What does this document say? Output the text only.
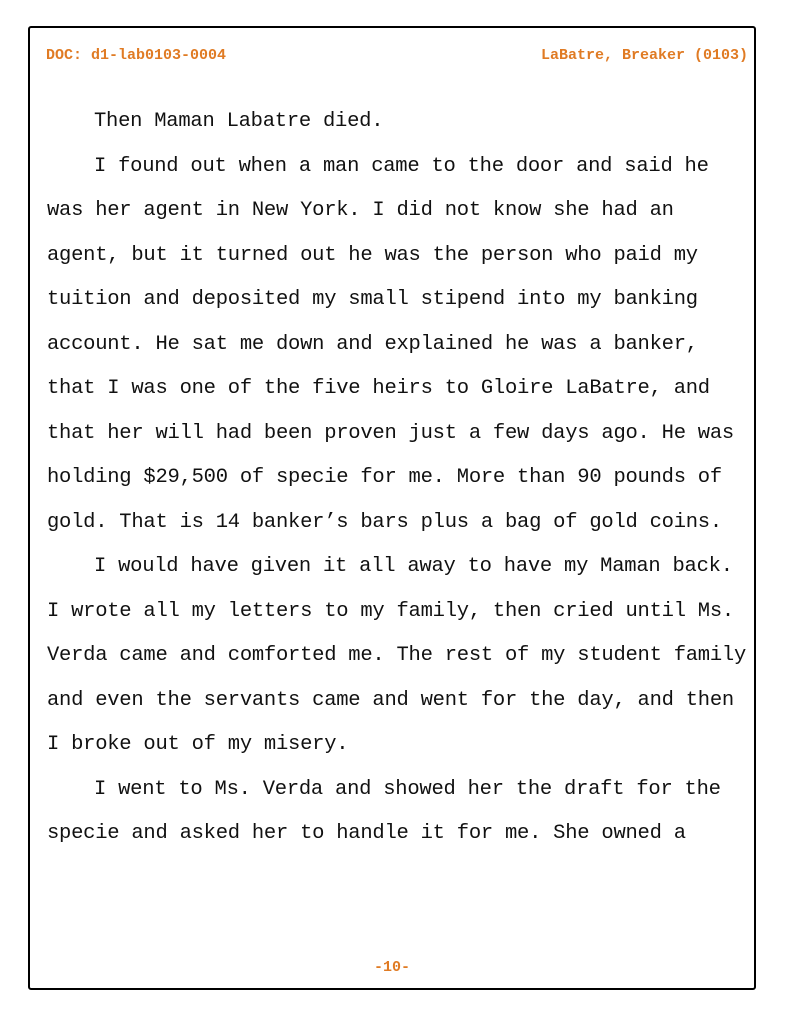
DOC: d1-lab0103-0004	LaBatre, Breaker (0103)

Then Maman Labatre died.

I found out when a man came to the door and said he was her agent in New York. I did not know she had an agent, but it turned out he was the person who paid my tuition and deposited my small stipend into my banking account. He sat me down and explained he was a banker, that I was one of the five heirs to Gloire LaBatre, and that her will had been proven just a few days ago. He was holding $29,500 of specie for me. More than 90 pounds of gold. That is 14 banker’s bars plus a bag of gold coins.

I would have given it all away to have my Maman back. I wrote all my letters to my family, then cried until Ms. Verda came and comforted me. The rest of my student family and even the servants came and went for the day, and then I broke out of my misery.

I went to Ms. Verda and showed her the draft for the specie and asked her to handle it for me. She owned a

-10-
